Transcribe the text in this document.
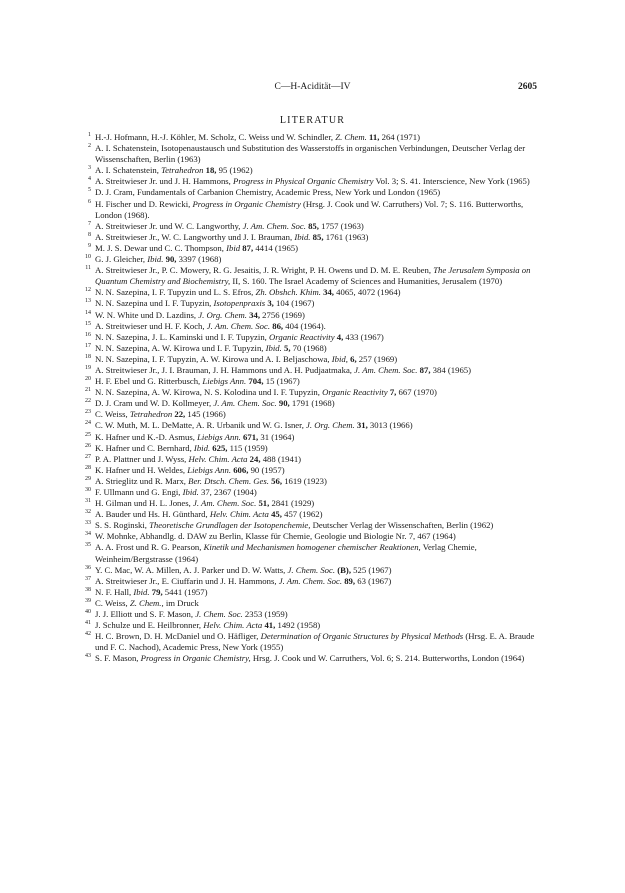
C—H-Acidität—IV	2605
LITERATUR
1 H.-J. Hofmann, H.-J. Köhler, M. Scholz, C. Weiss und W. Schindler, Z. Chem. 11, 264 (1971)
2 A. I. Schatenstein, Isotopenaustausch und Substitution des Wasserstoffs in organischen Verbindungen, Deutscher Verlag der Wissenschaften, Berlin (1963)
3 A. I. Schatenstein, Tetrahedron 18, 95 (1962)
4 A. Streitwieser Jr. und J. H. Hammons, Progress in Physical Organic Chemistry Vol. 3; S. 41. Interscience, New York (1965)
5 D. J. Cram, Fundamentals of Carbanion Chemistry, Academic Press, New York und London (1965)
6 H. Fischer und D. Rewicki, Progress in Organic Chemistry (Hrsg. J. Cook und W. Carruthers) Vol. 7; S. 116. Butterworths, London (1968).
7 A. Streitwieser Jr. und W. C. Langworthy, J. Am. Chem. Soc. 85, 1757 (1963)
8 A. Streitwieser Jr., W. C. Langworthy und J. I. Brauman, Ibid. 85, 1761 (1963)
9 M. J. S. Dewar und C. C. Thompson, Ibid 87, 4414 (1965)
10 G. J. Gleicher, Ibid. 90, 3397 (1968)
11 A. Streitwieser Jr., P. C. Mowery, R. G. Jesaitis, J. R. Wright, P. H. Owens und D. M. E. Reuben, The Jerusalem Symposia on Quantum Chemistry and Biochemistry, II, S. 160. The Israel Academy of Sciences and Humanities, Jerusalem (1970)
12 N. N. Sazepina, I. F. Tupyzin und L. S. Efros, Zh. Obshch. Khim. 34, 4065, 4072 (1964)
13 N. N. Sazepina und I. F. Tupyzin, Isotopenpraxis 3, 104 (1967)
14 W. N. White und D. Lazdins, J. Org. Chem. 34, 2756 (1969)
15 A. Streitwieser und H. F. Koch, J. Am. Chem. Soc. 86, 404 (1964).
16 N. N. Sazepina, J. L. Kaminski und I. F. Tupyzin, Organic Reactivity 4, 433 (1967)
17 N. N. Sazepina, A. W. Kirowa und I. F. Tupyzin, Ibid. 5, 70 (1968)
18 N. N. Sazepina, I. F. Tupyzin, A. W. Kirowa und A. I. Beljaschowa, Ibid, 6, 257 (1969)
19 A. Streitwieser Jr., J. I. Brauman, J. H. Hammons und A. H. Pudjaatmaka, J. Am. Chem. Soc. 87, 384 (1965)
20 H. F. Ebel und G. Ritterbusch, Liebigs Ann. 704, 15 (1967)
21 N. N. Sazepina, A. W. Kirowa, N. S. Kolodina und I. F. Tupyzin, Organic Reactivity 7, 667 (1970)
22 D. J. Cram und W. D. Kollmeyer, J. Am. Chem. Soc. 90, 1791 (1968)
23 C. Weiss, Tetrahedron 22, 145 (1966)
24 C. W. Muth, M. L. DeMatte, A. R. Urbanik und W. G. Isner, J. Org. Chem. 31, 3013 (1966)
25 K. Hafner und K.-D. Asmus, Liebigs Ann. 671, 31 (1964)
26 K. Hafner und C. Bernhard, Ibid. 625, 115 (1959)
27 P. A. Plattner und J. Wyss, Helv. Chim. Acta 24, 488 (1941)
28 K. Hafner und H. Weldes, Liebigs Ann. 606, 90 (1957)
29 A. Strieglitz und R. Marx, Ber. Dtsch. Chem. Ges. 56, 1619 (1923)
30 F. Ullmann und G. Engi, Ibid. 37, 2367 (1904)
31 H. Gilman und H. L. Jones, J. Am. Chem. Soc. 51, 2841 (1929)
32 A. Bauder und Hs. H. Günthard, Helv. Chim. Acta 45, 457 (1962)
33 S. S. Roginski, Theoretische Grundlagen der Isotopenchemie, Deutscher Verlag der Wissenschaften, Berlin (1962)
34 W. Mohnke, Abhandlg. d. DAW zu Berlin, Klasse für Chemie, Geologie und Biologie Nr. 7, 467 (1964)
35 A. A. Frost und R. G. Pearson, Kinetik und Mechanismen homogener chemischer Reaktionen, Verlag Chemie, Weinheim/Bergstrasse (1964)
36 Y. C. Mac, W. A. Millen, A. J. Parker und D. W. Watts, J. Chem. Soc. (B), 525 (1967)
37 A. Streitwieser Jr., E. Ciuffarin und J. H. Hammons, J. Am. Chem. Soc. 89, 63 (1967)
38 N. F. Hall, Ibid. 79, 5441 (1957)
39 C. Weiss, Z. Chem., im Druck
40 J. J. Elliott und S. F. Mason, J. Chem. Soc. 2353 (1959)
41 J. Schulze und E. Heilbronner, Helv. Chim. Acta 41, 1492 (1958)
42 H. C. Brown, D. H. McDaniel und O. Häfliger, Determination of Organic Structures by Physical Methods (Hrsg. E. A. Braude und F. C. Nachod), Academic Press, New York (1955)
43 S. F. Mason, Progress in Organic Chemistry, Hrsg. J. Cook und W. Carruthers, Vol. 6; S. 214. Butterworths, London (1964)
